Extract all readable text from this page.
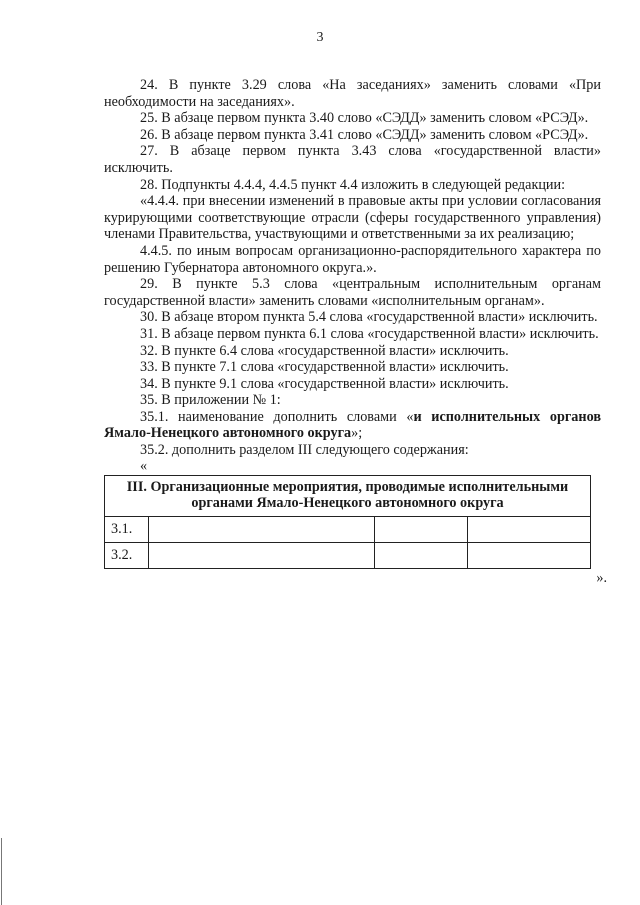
3

24. В пункте 3.29 слова «На заседаниях» заменить словами «При необходимости на заседаниях».

25. В абзаце первом пункта 3.40 слово «СЭДД» заменить словом «РСЭД».

26. В абзаце первом пункта 3.41 слово «СЭДД» заменить словом «РСЭД».

27. В абзаце первом пункта 3.43 слова «государственной власти» исключить.

28. Подпункты 4.4.4, 4.4.5 пункт 4.4 изложить в следующей редакции:

«4.4.4. при внесении изменений в правовые акты при условии согласования курирующими соответствующие отрасли (сферы государственного управления) членами Правительства, участвующими и ответственными за их реализацию;

4.4.5. по иным вопросам организационно-распорядительного характера по решению Губернатора автономного округа.».

29. В пункте 5.3 слова «центральным исполнительным органам государственной власти» заменить словами «исполнительным органам».

30. В абзаце втором пункта 5.4 слова «государственной власти» исключить.

31. В абзаце первом пункта 6.1 слова «государственной власти» исключить.

32. В пункте 6.4 слова «государственной власти» исключить.

33. В пункте 7.1 слова «государственной власти» исключить.

34. В пункте 9.1 слова «государственной власти» исключить.

35. В приложении № 1:

35.1. наименование дополнить словами «и исполнительных органов Ямало-Ненецкого автономного округа»;

35.2. дополнить разделом III следующего содержания:

«

III. Организационные мероприятия, проводимые исполнительными органами Ямало-Ненецкого автономного округа			
3.1.			
3.2.			

».
